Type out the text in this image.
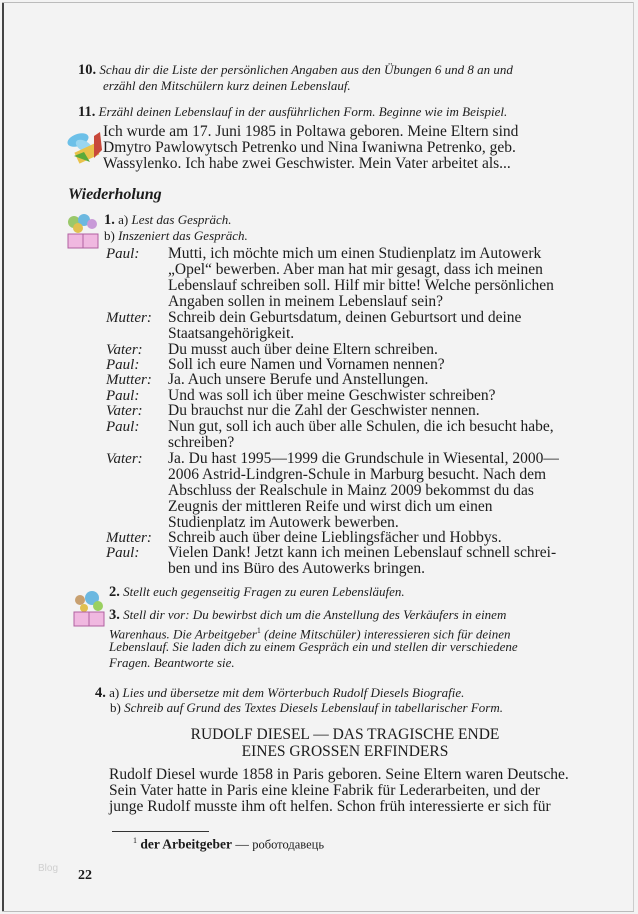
10. Schau dir die Liste der persönlichen Angaben aus den Übungen 6 und 8 an und
erzähl den Mitschülern kurz deinen Lebenslauf.
11. Erzähl deinen Lebenslauf in der ausführlichen Form. Beginne wie im Beispiel.
Ich wurde am 17. Juni 1985 in Poltawa geboren. Meine Eltern sind
Dmytro Pawlowytsch Petrenko und Nina Iwaniwna Petrenko, geb.
Wassylenko. Ich habe zwei Geschwister. Mein Vater arbeitet als...
Wiederholung
1. a) Lest das Gespräch.
b) Inszeniert das Gespräch.
Paul: Mutti, ich möchte mich um einen Studienplatz im Autowerk
„Opel“ bewerben. Aber man hat mir gesagt, dass ich meinen
Lebenslauf schreiben soll. Hilf mir bitte! Welche persönlichen
Angaben sollen in meinem Lebenslauf sein?
Mutter: Schreib dein Geburtsdatum, deinen Geburtsort und deine
Staatsangehörigkeit.
Vater: Du musst auch über deine Eltern schreiben.
Paul: Soll ich eure Namen und Vornamen nennen?
Mutter: Ja. Auch unsere Berufe und Anstellungen.
Paul: Und was soll ich über meine Geschwister schreiben?
Vater: Du brauchst nur die Zahl der Geschwister nennen.
Paul: Nun gut, soll ich auch über alle Schulen, die ich besucht habe,
schreiben?
Vater: Ja. Du hast 1995—1999 die Grundschule in Wiesental, 2000—
2006 Astrid-Lindgren-Schule in Marburg besucht. Nach dem
Abschluss der Realschule in Mainz 2009 bekommst du das
Zeugnis der mittleren Reife und wirst dich um einen
Studienplatz im Autowerk bewerben.
Mutter: Schreib auch über deine Lieblingsfächer und Hobbys.
Paul: Vielen Dank! Jetzt kann ich meinen Lebenslauf schnell schrei-
ben und ins Büro des Autowerks bringen.
2. Stellt euch gegenseitig Fragen zu euren Lebensläufen.
3. Stell dir vor: Du bewirbst dich um die Anstellung des Verkäufers in einem
Warenhaus. Die Arbeitgeber$^1$ (deine Mitschüler) interessieren sich für deinen
Lebenslauf. Sie laden dich zu einem Gespräch ein und stellen dir verschiedene
Fragen. Beantworte sie.
4. a) Lies und übersetze mit dem Wörterbuch Rudolf Diesels Biografie.
b) Schreib auf Grund des Textes Diesels Lebenslauf in tabellarischer Form.
RUDOLF DIESEL — DAS TRAGISCHE ENDE
EINES GROSSEN ERFINDERS
Rudolf Diesel wurde 1858 in Paris geboren. Seine Eltern waren Deutsche.
Sein Vater hatte in Paris eine kleine Fabrik für Lederarbeiten, und der
junge Rudolf musste ihm oft helfen. Schon früh interessierte er sich für
$^1$ der Arbeitgeber — роботодавець
Blog 22
